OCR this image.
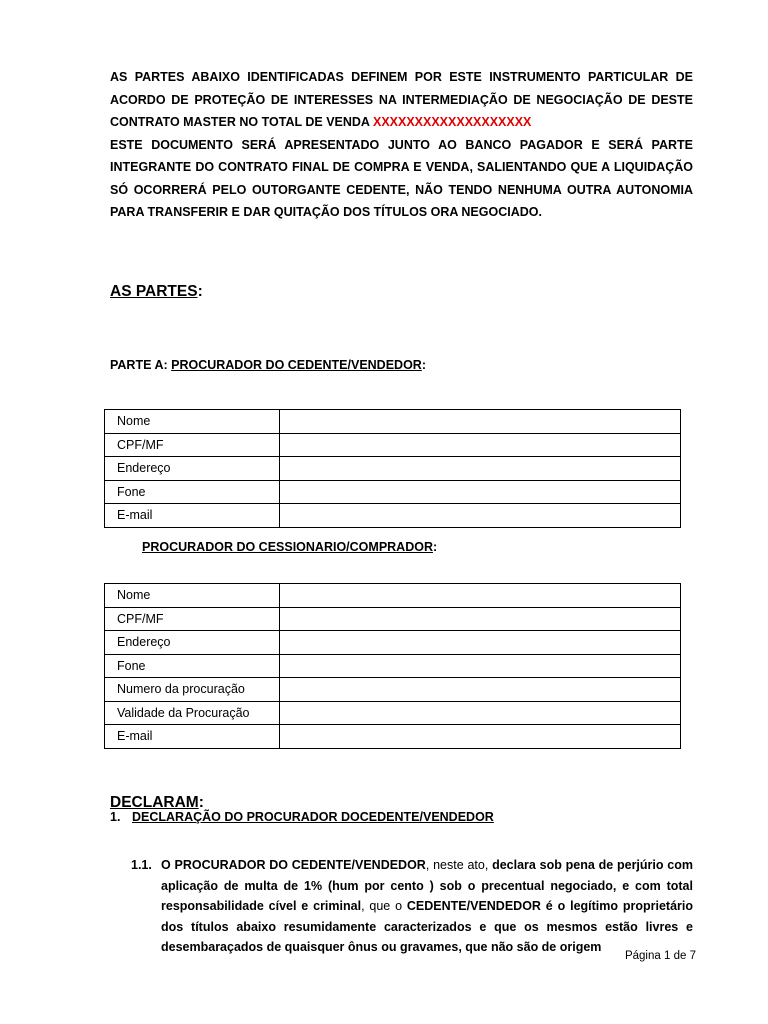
AS PARTES ABAIXO IDENTIFICADAS DEFINEM POR ESTE INSTRUMENTO PARTICULAR DE ACORDO DE PROTEÇÃO DE INTERESSES NA INTERMEDIAÇÃO DE NEGOCIAÇÃO DE DESTE CONTRATO MASTER NO TOTAL DE VENDA XXXXXXXXXXXXXXXXXXX

ESTE DOCUMENTO SERÁ APRESENTADO JUNTO AO BANCO PAGADOR E SERÁ PARTE INTEGRANTE DO CONTRATO FINAL DE COMPRA E VENDA, SALIENTANDO QUE A LIQUIDAÇÃO SÓ OCORRERÁ PELO OUTORGANTE CEDENTE, NÃO TENDO NENHUMA OUTRA AUTONOMIA PARA TRANSFERIR E DAR QUITAÇÃO DOS TÍTULOS ORA NEGOCIADO.

AS PARTES:
PARTE A: PROCURADOR DO CEDENTE/VENDEDOR:
Nome	
CPF/MF	
Endereço	
Fone	
E-mail	
PROCURADOR DO CESSIONARIO/COMPRADOR:
Nome	
CPF/MF	
Endereço	
Fone	
Numero da procuração	
Validade da Procuração	
E-mail	
DECLARAM:
1. DECLARAÇÃO DO PROCURADOR DOCEDENTE/VENDEDOR
1.1. O PROCURADOR DO CEDENTE/VENDEDOR, neste ato, declara sob pena de perjúrio com aplicação de multa de 1% (hum por cento ) sob o precentual negociado, e com total responsabilidade cível e criminal, que o CEDENTE/VENDEDOR é o legítimo proprietário dos títulos abaixo resumidamente caracterizados e que os mesmos estão livres e desembaraçados de quaisquer ônus ou gravames, que não são de origem
Página 1 de 7
